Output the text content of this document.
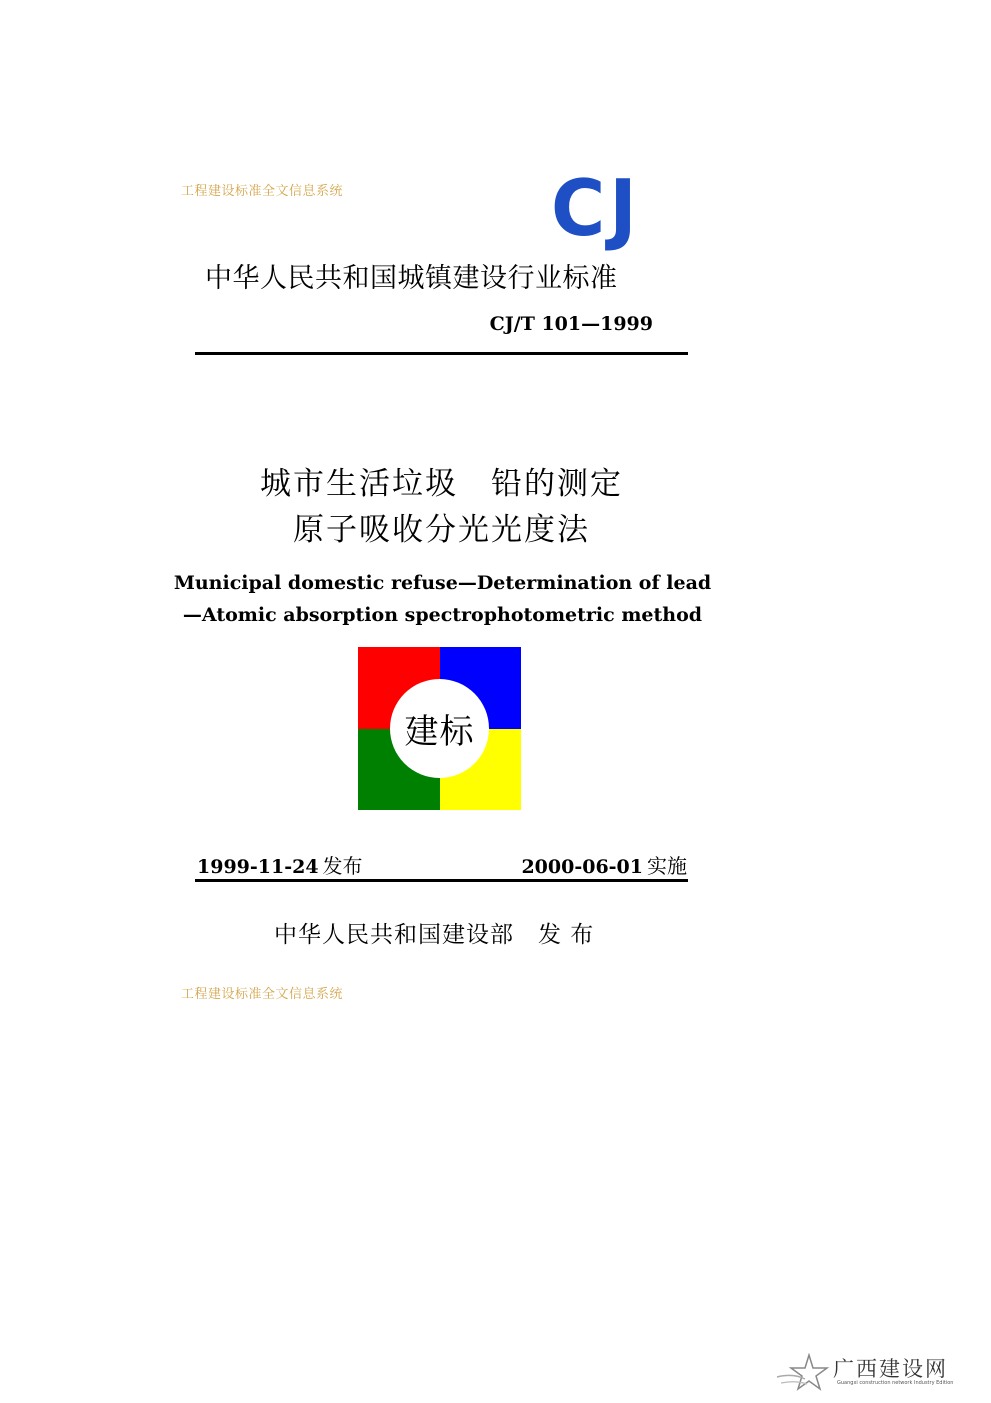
工程建设标准全文信息系统	CJ
中华人民共和国城镇建设行业标准
CJ/T 101—1999
城市生活垃圾　铅的测定
原子吸收分光光度法
Municipal domestic refuse—Determination of lead
—Atomic absorption spectrophotometric method
建标
1999-11-24 发布	2000-06-01 实施
中华人民共和国建设部 发 布
工程建设标准全文信息系统
广西建设网
Guangxi construction network Industry Edition
